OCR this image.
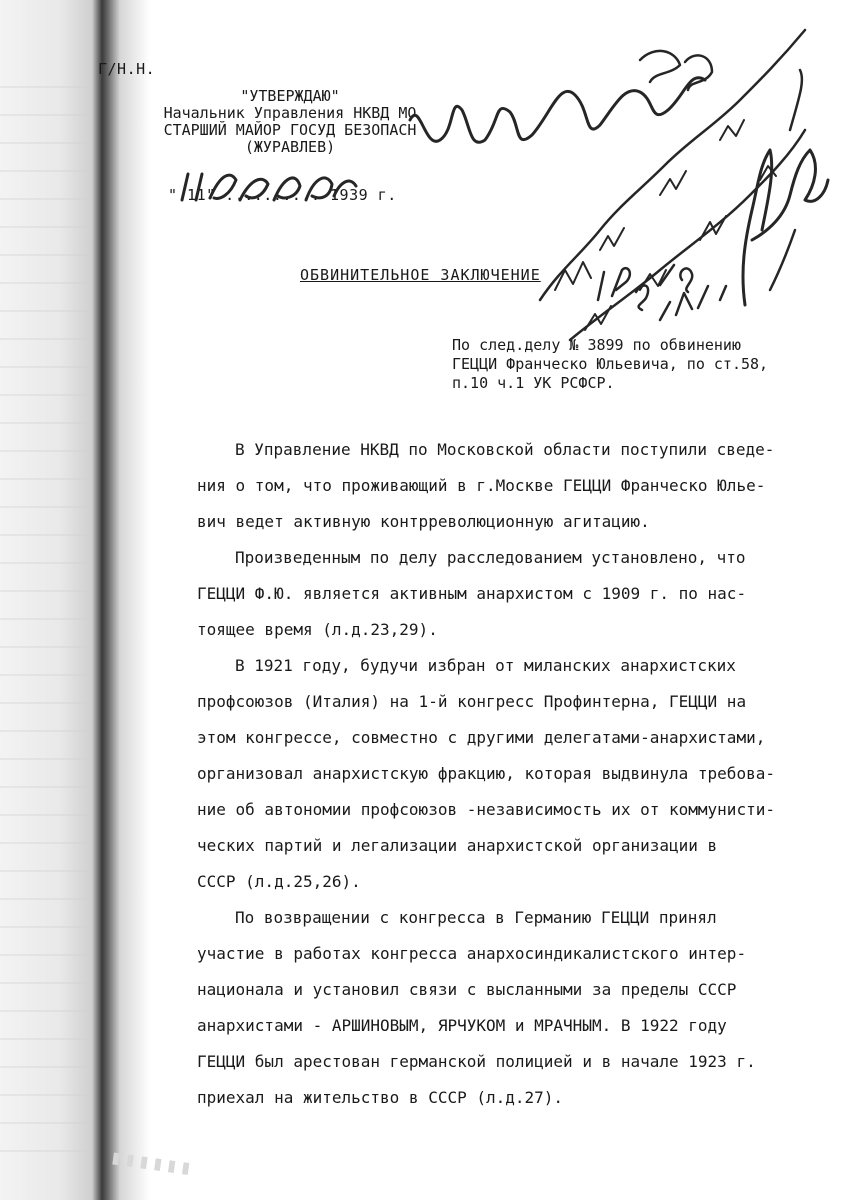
Г/Н.Н.
"УТВЕРЖДАЮ"
Начальник Управления НКВД МО
СТАРШИЙ МАЙОР ГОСУД БЕЗОПАСН
(ЖУРАВЛЕВ)
" 11" .......... 1939 г.
ОБВИНИТЕЛЬНОЕ ЗАКЛЮЧЕНИЕ
По след.делу № 3899 по обвинению
ГЕЦЦИ Франческо Юльевича, по ст.58,
п.10 ч.1 УК РСФСР.

В Управление НКВД по Московской области поступили сведе-
ния о том, что проживающий в г.Москве ГЕЦЦИ Франческо Юлье-
вич ведет активную контрреволюционную агитацию.

Произведенным по делу расследованием установлено, что
ГЕЦЦИ Ф.Ю. является активным анархистом с 1909 г. по нас-
тоящее время (л.д.23,29).

В 1921 году, будучи избран от миланских анархистских
профсоюзов (Италия) на 1-й конгресс Профинтерна, ГЕЦЦИ на
этом конгрессе, совместно с другими делегатами-анархистами,
организовал анархистскую фракцию, которая выдвинула требова-
ние об автономии профсоюзов -независимость их от коммунисти-
ческих партий и легализации анархистской организации в
СССР (л.д.25,26).

По возвращении с конгресса в Германию ГЕЦЦИ принял
участие в работах конгресса анархосиндикалистского интер-
национала и установил связи с высланными за пределы СССР
анархистами - АРШИНОВЫМ, ЯРЧУКОМ и МРАЧНЫМ. В 1922 году
ГЕЦЦИ был арестован германской полицией и в начале 1923 г.
приехал на жительство в СССР (л.д.27).

▮▮▮▮▮▮
